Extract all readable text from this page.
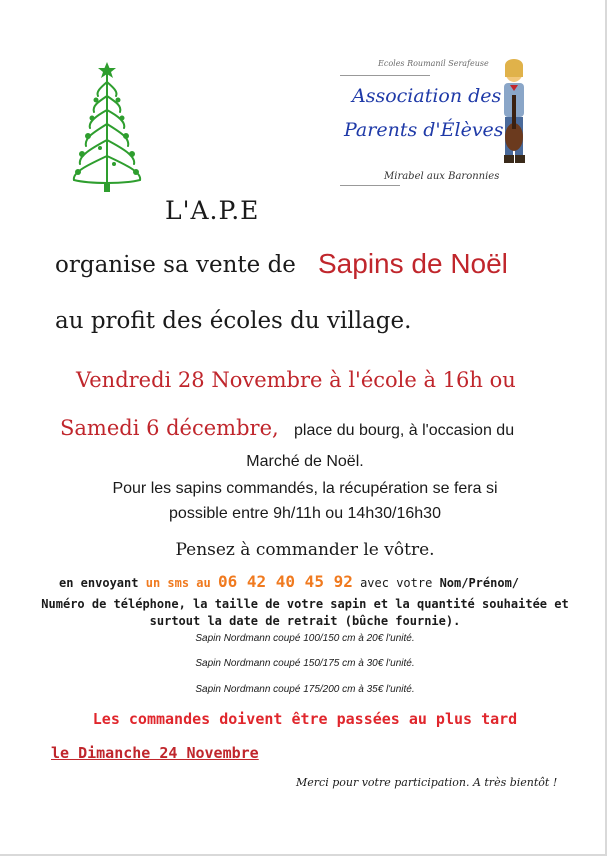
Ecoles Roumanil Serafeuse
Association des
Parents d'Élèves
Mirabel aux Baronnies
L'A.P.E
organise sa vente de Sapins de Noël
au profit des écoles du village.
Vendredi 28 Novembre à l'école à 16h ou
Samedi 6 décembre, place du bourg, à l'occasion du
Marché de Noël.
Pour les sapins commandés, la récupération se fera si
possible entre 9h/11h ou 14h30/16h30
Pensez à commander le vôtre.
en envoyant un sms au 06 42 40 45 92 avec votre Nom/Prénom/
Numéro de téléphone, la taille de votre sapin et la quantité souhaitée et
surtout la date de retrait (bûche fournie).
Sapin Nordmann coupé 100/150 cm à 20€ l'unité.
Sapin Nordmann coupé 150/175 cm à 30€ l'unité.
Sapin Nordmann coupé 175/200 cm à 35€ l'unité.
Les commandes doivent être passées au plus tard
le Dimanche 24 Novembre
Merci pour votre participation. A très bientôt !
